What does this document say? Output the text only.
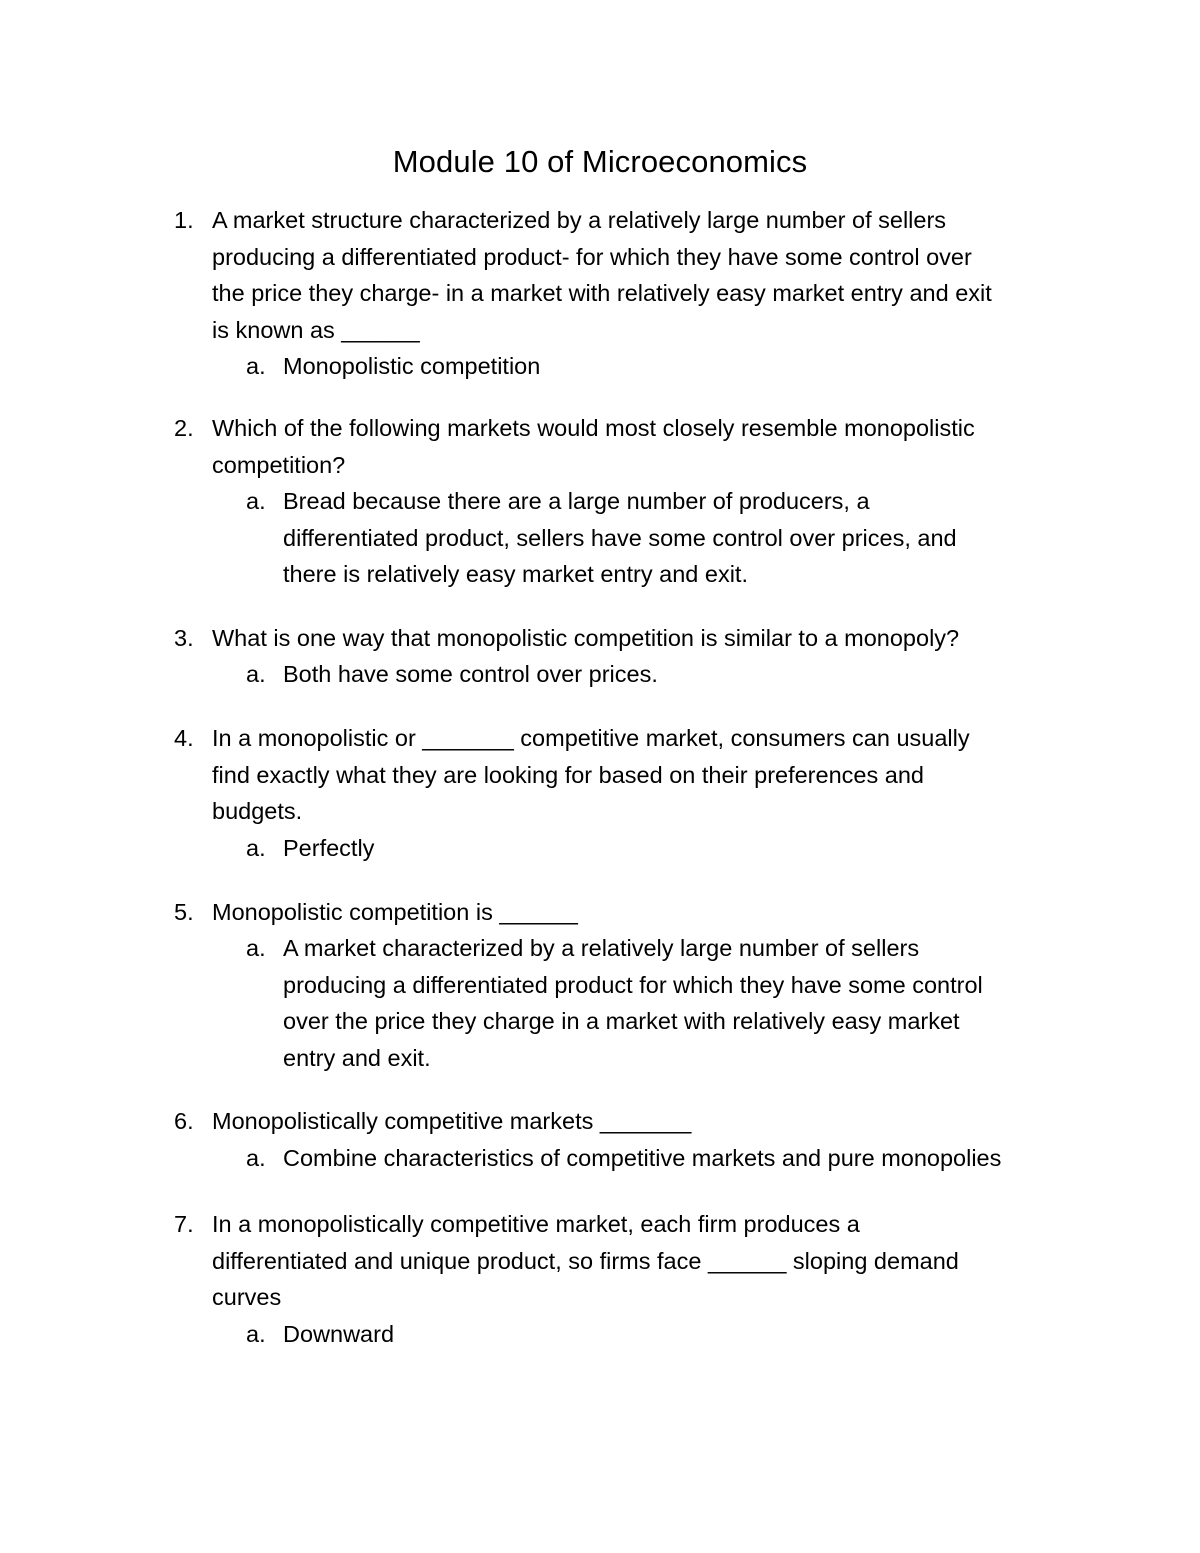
Module 10 of Microeconomics
1. A market structure characterized by a relatively large number of sellers
producing a differentiated product- for which they have some control over
the price they charge- in a market with relatively easy market entry and exit
is known as ______
a. Monopolistic competition
2. Which of the following markets would most closely resemble monopolistic
competition?
a. Bread because there are a large number of producers, a
differentiated product, sellers have some control over prices, and
there is relatively easy market entry and exit.
3. What is one way that monopolistic competition is similar to a monopoly?
a. Both have some control over prices.
4. In a monopolistic or _______ competitive market, consumers can usually
find exactly what they are looking for based on their preferences and
budgets.
a. Perfectly
5. Monopolistic competition is ______
a. A market characterized by a relatively large number of sellers
producing a differentiated product for which they have some control
over the price they charge in a market with relatively easy market
entry and exit.
6. Monopolistically competitive markets _______
a. Combine characteristics of competitive markets and pure monopolies
7. In a monopolistically competitive market, each firm produces a
differentiated and unique product, so firms face ______ sloping demand
curves
a. Downward
